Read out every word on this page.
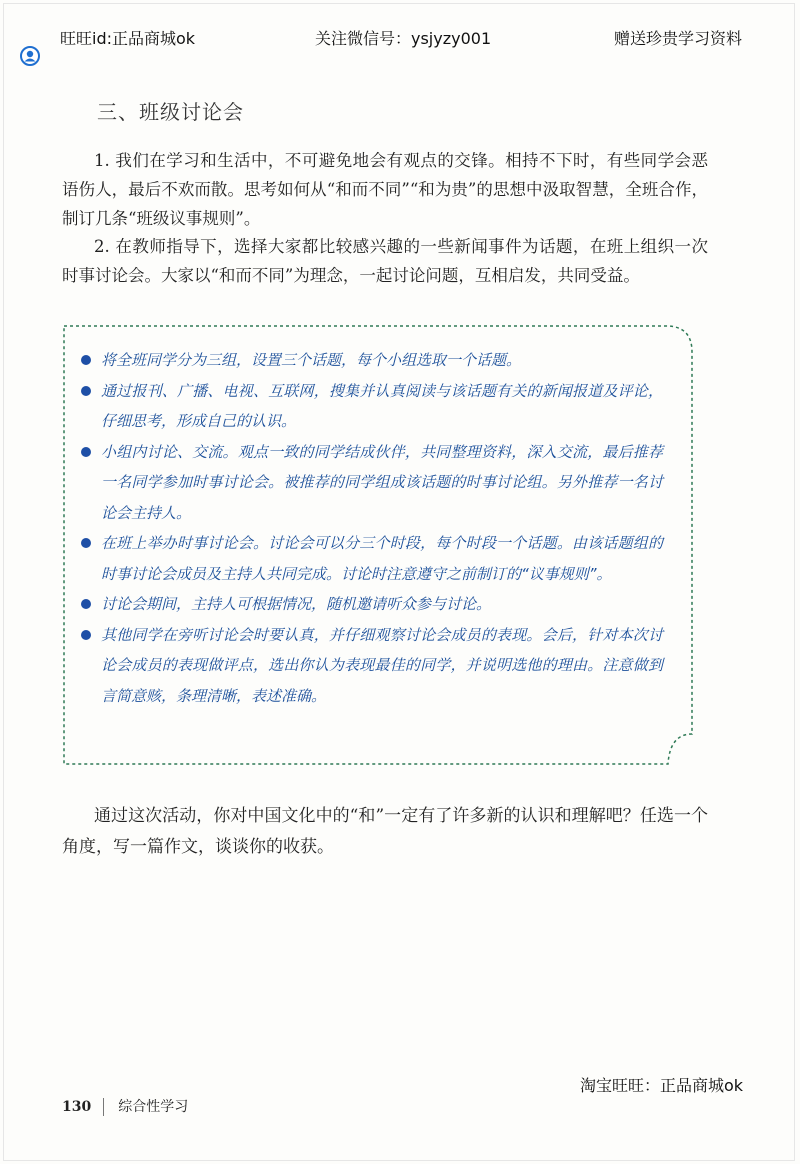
旺旺id:正品商城ok	关注微信号：ysjyzy001	赠送珍贵学习资料
三、班级讨论会

1. 我们在学习和生活中，不可避免地会有观点的交锋。相持不下时，有些同学会恶语伤人，最后不欢而散。思考如何从“和而不同”“和为贵”的思想中汲取智慧，全班合作，制订几条“班级议事规则”。

2. 在教师指导下，选择大家都比较感兴趣的一些新闻事件为话题，在班上组织一次时事讨论会。大家以“和而不同”为理念，一起讨论问题，互相启发，共同受益。

将全班同学分为三组，设置三个话题，每个小组选取一个话题。
通过报刊、广播、电视、互联网，搜集并认真阅读与该话题有关的新闻报道及评论，仔细思考，形成自己的认识。
小组内讨论、交流。观点一致的同学结成伙伴，共同整理资料，深入交流，最后推荐一名同学参加时事讨论会。被推荐的同学组成该话题的时事讨论组。另外推荐一名讨论会主持人。
在班上举办时事讨论会。讨论会可以分三个时段，每个时段一个话题。由该话题组的时事讨论会成员及主持人共同完成。讨论时注意遵守之前制订的“议事规则”。
讨论会期间，主持人可根据情况，随机邀请听众参与讨论。
其他同学在旁听讨论会时要认真，并仔细观察讨论会成员的表现。会后，针对本次讨论会成员的表现做评点，选出你认为表现最佳的同学，并说明选他的理由。注意做到言简意赅，条理清晰，表述准确。

通过这次活动，你对中国文化中的“和”一定有了许多新的认识和理解吧？任选一个角度，写一篇作文，谈谈你的收获。

淘宝旺旺：正品商城ok
130 综合性学习
